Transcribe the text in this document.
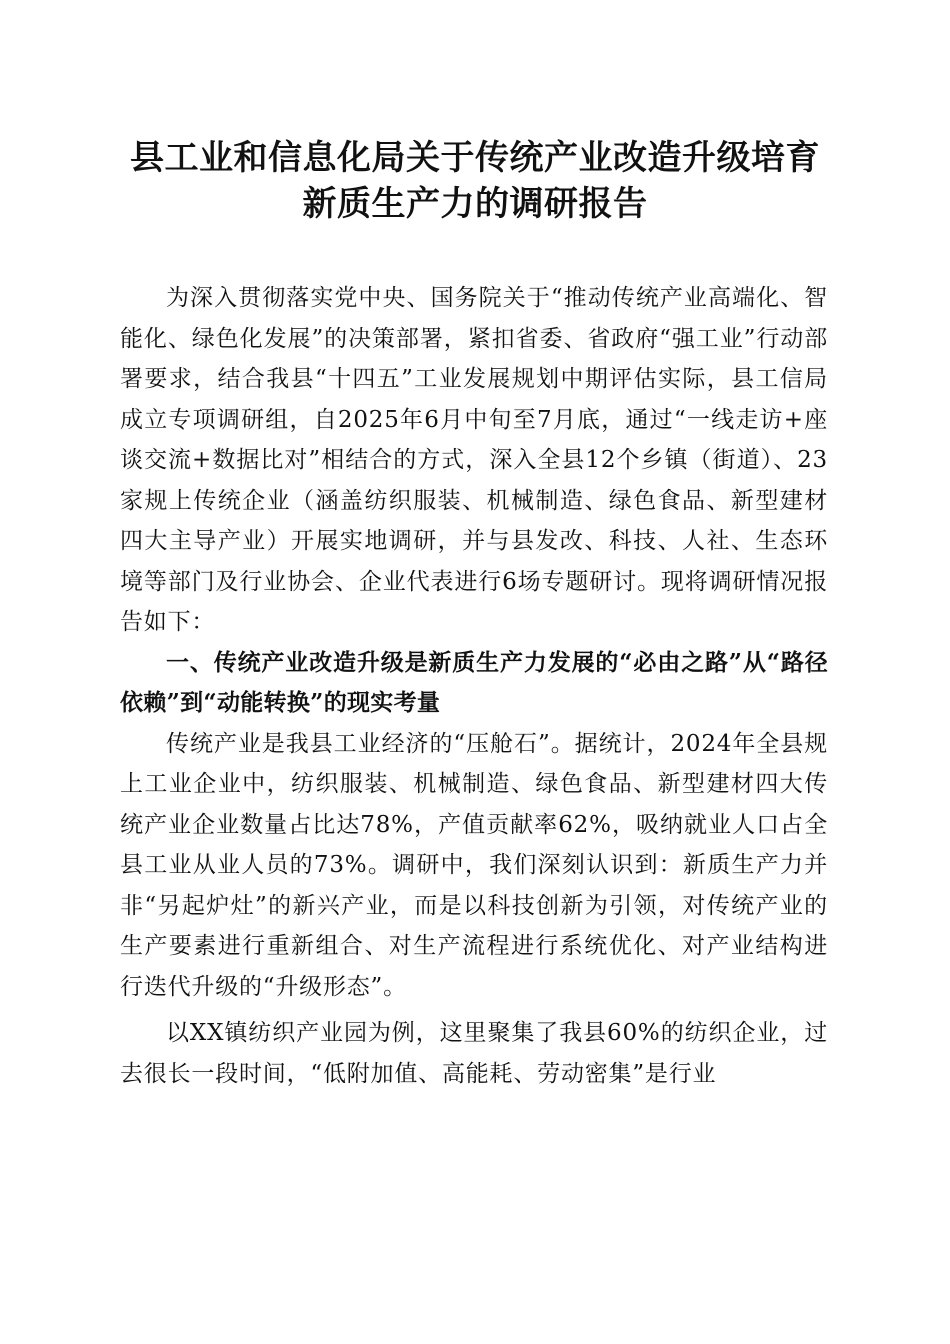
县工业和信息化局关于传统产业改造升级培育
新质生产力的调研报告

为深入贯彻落实党中央、国务院关于“推动传统产业高端化、智能化、绿色化发展”的决策部署，紧扣省委、省政府“强工业”行动部署要求，结合我县“十四五”工业发展规划中期评估实际，县工信局成立专项调研组，自2025年6月中旬至7月底，通过“一线走访+座谈交流+数据比对”相结合的方式，深入全县12个乡镇（街道）、23家规上传统企业（涵盖纺织服装、机械制造、绿色食品、新型建材四大主导产业）开展实地调研，并与县发改、科技、人社、生态环境等部门及行业协会、企业代表进行6场专题研讨。现将调研情况报告如下：

一、传统产业改造升级是新质生产力发展的“必由之路”从“路径依赖”到“动能转换”的现实考量

传统产业是我县工业经济的“压舱石”。据统计，2024年全县规上工业企业中，纺织服装、机械制造、绿色食品、新型建材四大传统产业企业数量占比达78%，产值贡献率62%，吸纳就业人口占全县工业从业人员的73%。调研中，我们深刻认识到：新质生产力并非“另起炉灶”的新兴产业，而是以科技创新为引领，对传统产业的生产要素进行重新组合、对生产流程进行系统优化、对产业结构进行迭代升级的“升级形态”。

以XX镇纺织产业园为例，这里聚集了我县60%的纺织企业，过去很长一段时间，“低附加值、高能耗、劳动密集”是行业
